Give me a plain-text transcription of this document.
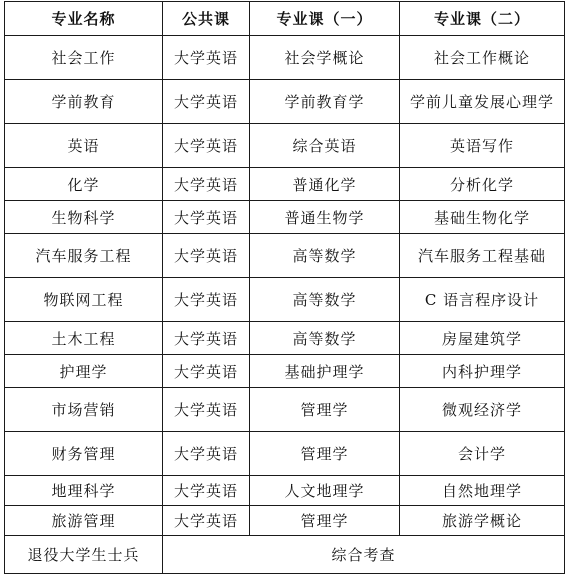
专业名称	公共课	专业课（一）	专业课（二）
社会工作	大学英语	社会学概论	社会工作概论
学前教育	大学英语	学前教育学	学前儿童发展心理学
英语	大学英语	综合英语	英语写作
化学	大学英语	普通化学	分析化学
生物科学	大学英语	普通生物学	基础生物化学
汽车服务工程	大学英语	高等数学	汽车服务工程基础
物联网工程	大学英语	高等数学	C 语言程序设计
土木工程	大学英语	高等数学	房屋建筑学
护理学	大学英语	基础护理学	内科护理学
市场营销	大学英语	管理学	微观经济学
财务管理	大学英语	管理学	会计学
地理科学	大学英语	人文地理学	自然地理学
旅游管理	大学英语	管理学	旅游学概论
退役大学生士兵	综合考查		
